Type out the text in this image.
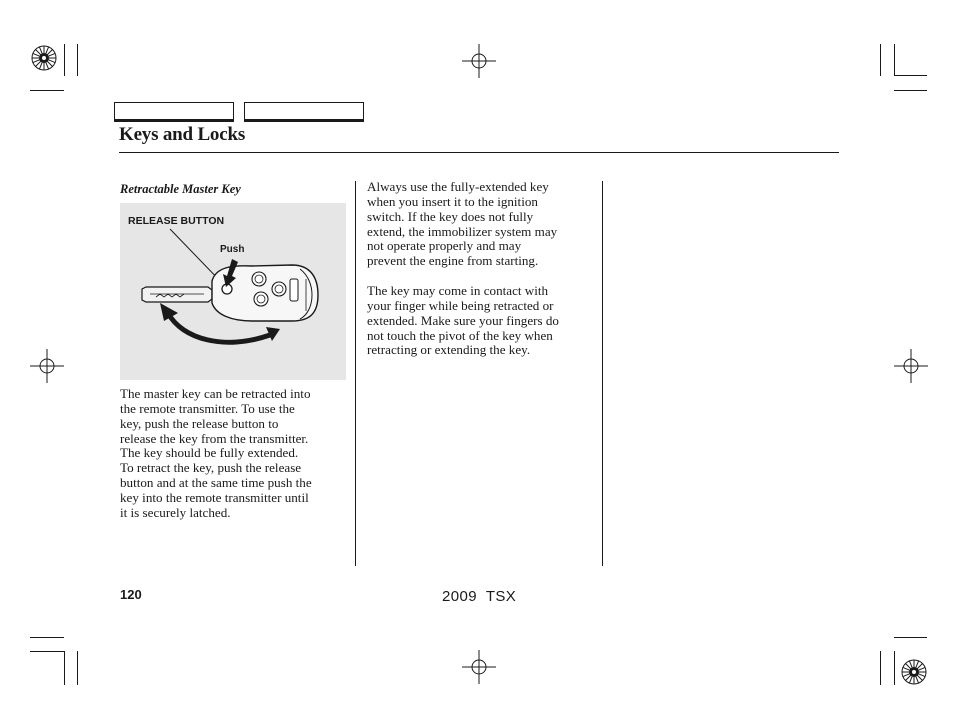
Keys and Locks
Retractable Master Key
RELEASE BUTTON
Push
The master key can be retracted into
the remote transmitter. To use the
key, push the release button to
release the key from the transmitter.
The key should be fully extended.
To retract the key, push the release
button and at the same time push the
key into the remote transmitter until
it is securely latched.
Always use the fully-extended key
when you insert it to the ignition
switch. If the key does not fully
extend, the immobilizer system may
not operate properly and may
prevent the engine from starting.
The key may come in contact with
your finger while being retracted or
extended. Make sure your fingers do
not touch the pivot of the key when
retracting or extending the key.
120	2009  TSX
